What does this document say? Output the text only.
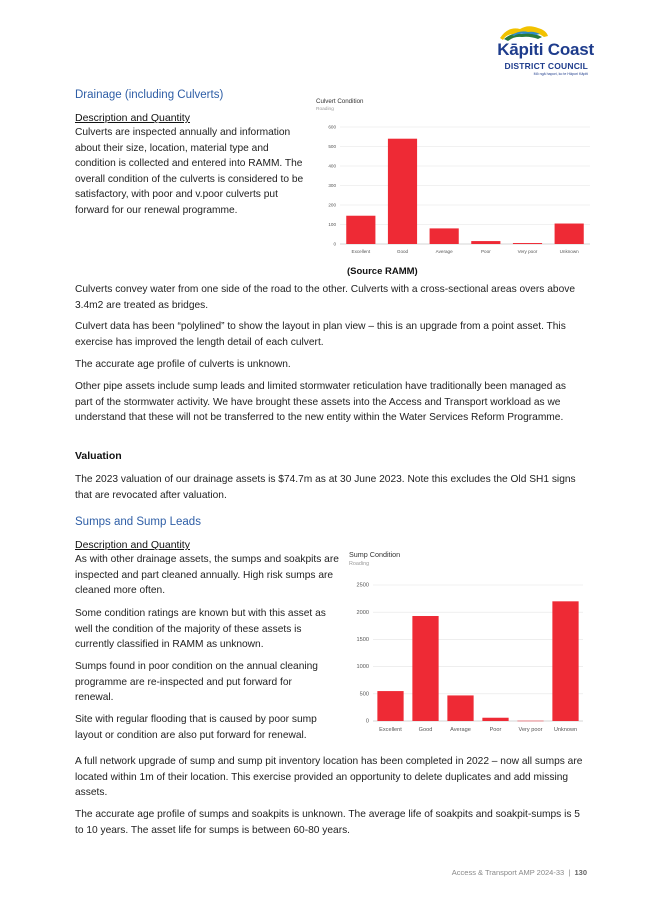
Kāpiti Coast
DISTRICT COUNCIL
Mō ngā hapori, ko te Hāpori Kāpiti
Drainage (including Culverts)
Description and Quantity

Culverts are inspected annually and information about their size, location, material type and condition is collected and entered into RAMM. The overall condition of the culverts is considered to be satisfactory, with poor and v.poor culverts put forward for our renewal programme.

Culvert Condition
Roading
0
100
200
300
400
500
600
Excellent	Good	Average	Poor	Very poor	Unknown
(Source RAMM)

Culverts convey water from one side of the road to the other. Culverts with a cross-sectional areas overs above 3.4m2 are treated as bridges.

Culvert data has been “polylined” to show the layout in plan view – this is an upgrade from a point asset. This exercise has improved the length detail of each culvert.

The accurate age profile of culverts is unknown.

Other pipe assets include sump leads and limited stormwater reticulation have traditionally been managed as part of the stormwater activity. We have brought these assets into the Access and Transport workload as we understand that these will not be transferred to the new entity within the Water Services Reform Programme.

Valuation

The 2023 valuation of our drainage assets is $74.7m as at 30 June 2023. Note this excludes the Old SH1 signs that are revocated after valuation.

Sumps and Sump Leads
Description and Quantity

As with other drainage assets, the sumps and soakpits are inspected and part cleaned annually. High risk sumps are cleaned more often.

Some condition ratings are known but with this asset as well the condition of the majority of these assets is currently classified in RAMM as unknown.

Sumps found in poor condition on the annual cleaning programme are re-inspected and put forward for renewal.

Site with regular flooding that is caused by poor sump layout or condition are also put forward for renewal.

Sump Condition
Roading
0
500
1000
1500
2000
2500
Excellent	Good	Average	Poor	Very poor Unknown

A full network upgrade of sump and sump pit inventory location has been completed in 2022 – now all sumps are located within 1m of their location. This exercise provided an opportunity to delete duplicates and add missing assets.

The accurate age profile of sumps and soakpits is unknown. The average life of soakpits and soakpit-sumps is 5 to 10 years. The asset life for sumps is between 60-80 years.

Access & Transport AMP 2024-33 | 130
